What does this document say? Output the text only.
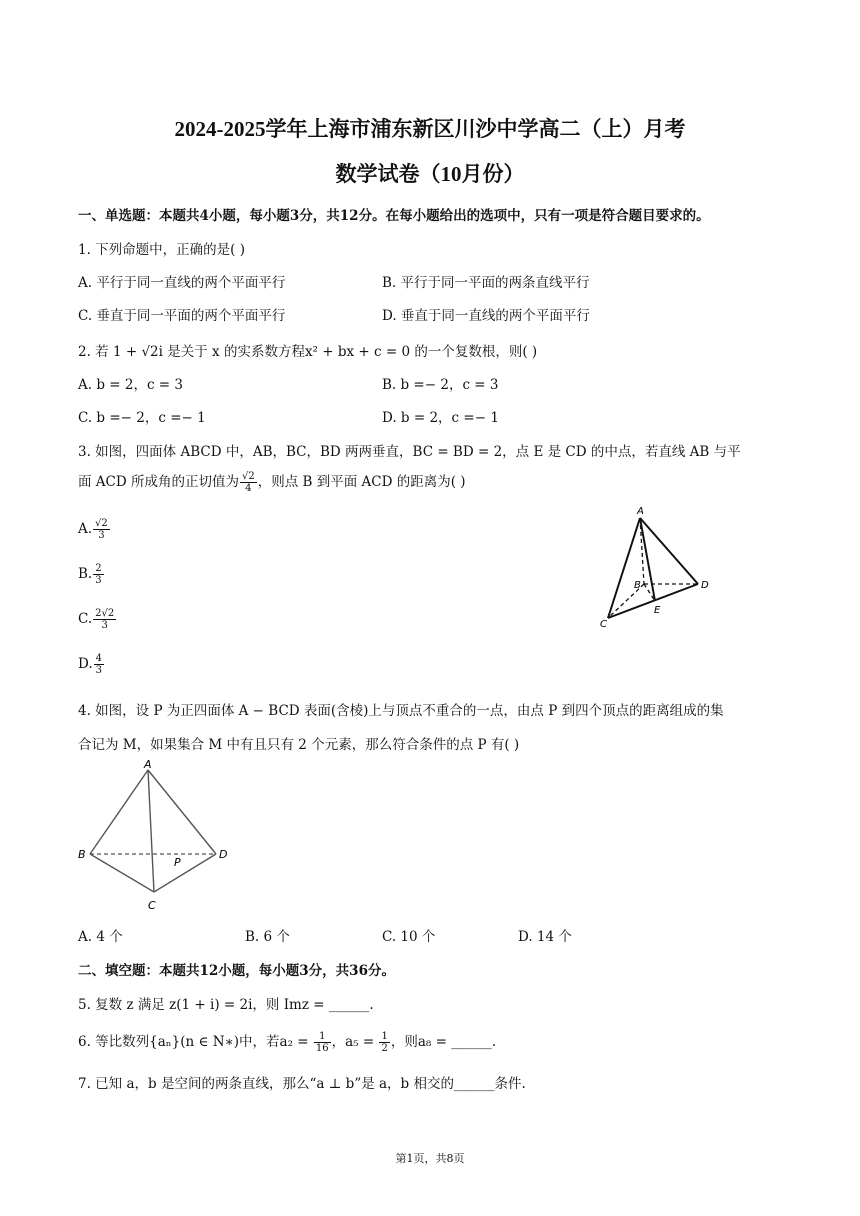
2024-2025学年上海市浦东新区川沙中学高二（上）月考
数学试卷（10月份）
一、单选题：本题共4小题，每小题3分，共12分。在每小题给出的选项中，只有一项是符合题目要求的。
1. 下列命题中，正确的是( )
A. 平行于同一直线的两个平面平行	B. 平行于同一平面的两条直线平行
C. 垂直于同一平面的两个平面平行	D. 垂直于同一直线的两个平面平行
2. 若 1 + √2i 是关于 x 的实系数方程x² + bx + c = 0 的一个复数根，则( )
A. b = 2，c = 3	B. b =− 2，c = 3
C. b =− 2，c =− 1	D. b = 2，c =− 1
3. 如图，四面体 ABCD 中，AB，BC，BD 两两垂直，BC = BD = 2，点 E 是 CD 的中点，若直线 AB 与平
面 ACD 所成角的正切值为 $\frac{√2}{4}$ ，则点 B 到平面 ACD 的距离为( )
A. $\frac{√2}{3}$
B. $\frac{2}{3}$
C. $\frac{2√2}{3}$
D. $\frac{4}{3}$
A
B
C
D
E
4. 如图，设 P 为正四面体 A − BCD 表面(含棱)上与顶点不重合的一点，由点 P 到四个顶点的距离组成的集
合记为 M，如果集合 M 中有且只有 2 个元素，那么符合条件的点 P 有( )
A
B
C
D
P
A. 4 个	B. 6 个	C. 10 个	D. 14 个
二、填空题：本题共12小题，每小题3分，共36分。
5. 复数 z 满足 z(1 + i) = 2i，则 Imz = ______.
6. 等比数列{aₙ}(n ∈ N∗)中，若$a_2 = \frac{1}{16}$ ，$a_5 = \frac{1}{2}$ ，则a₈ = ______.
7. 已知 a，b 是空间的两条直线，那么“a ⊥ b”是 a，b 相交的______条件.
第1页，共8页
